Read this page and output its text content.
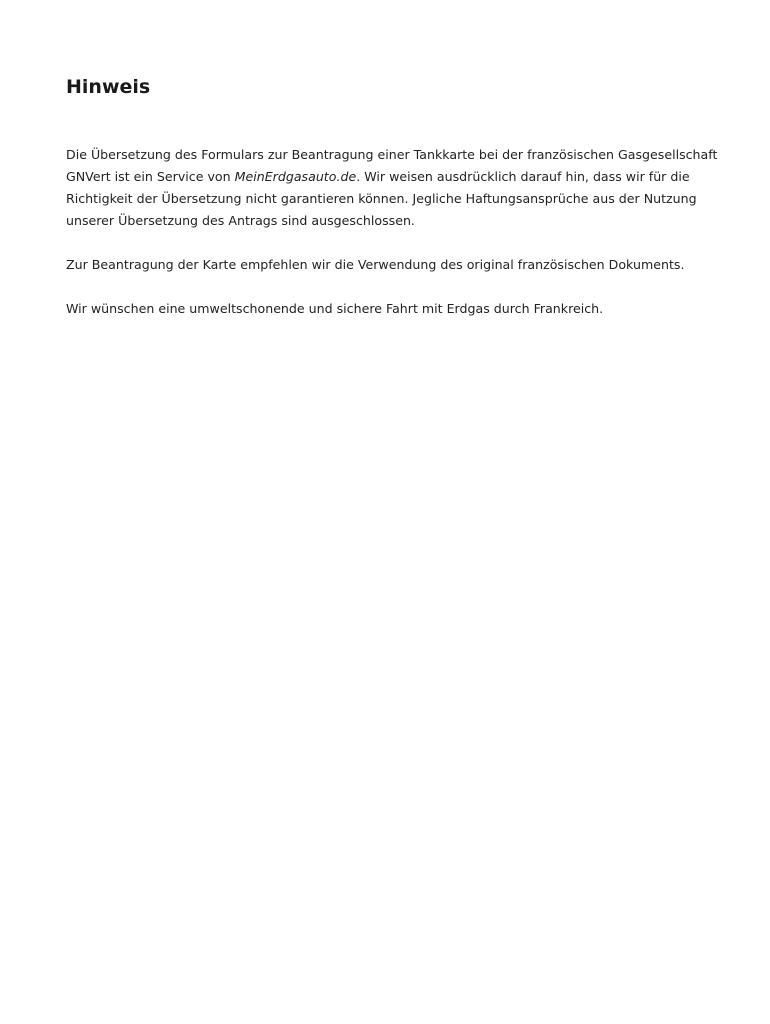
Hinweis

Die Übersetzung des Formulars zur Beantragung einer Tankkarte bei der französischen Gasgesellschaft
GNVert ist ein Service von MeinErdgasauto.de. Wir weisen ausdrücklich darauf hin, dass wir für die
Richtigkeit der Übersetzung nicht garantieren können. Jegliche Haftungsansprüche aus der Nutzung
unserer Übersetzung des Antrags sind ausgeschlossen.

Zur Beantragung der Karte empfehlen wir die Verwendung des original französischen Dokuments.

Wir wünschen eine umweltschonende und sichere Fahrt mit Erdgas durch Frankreich.
